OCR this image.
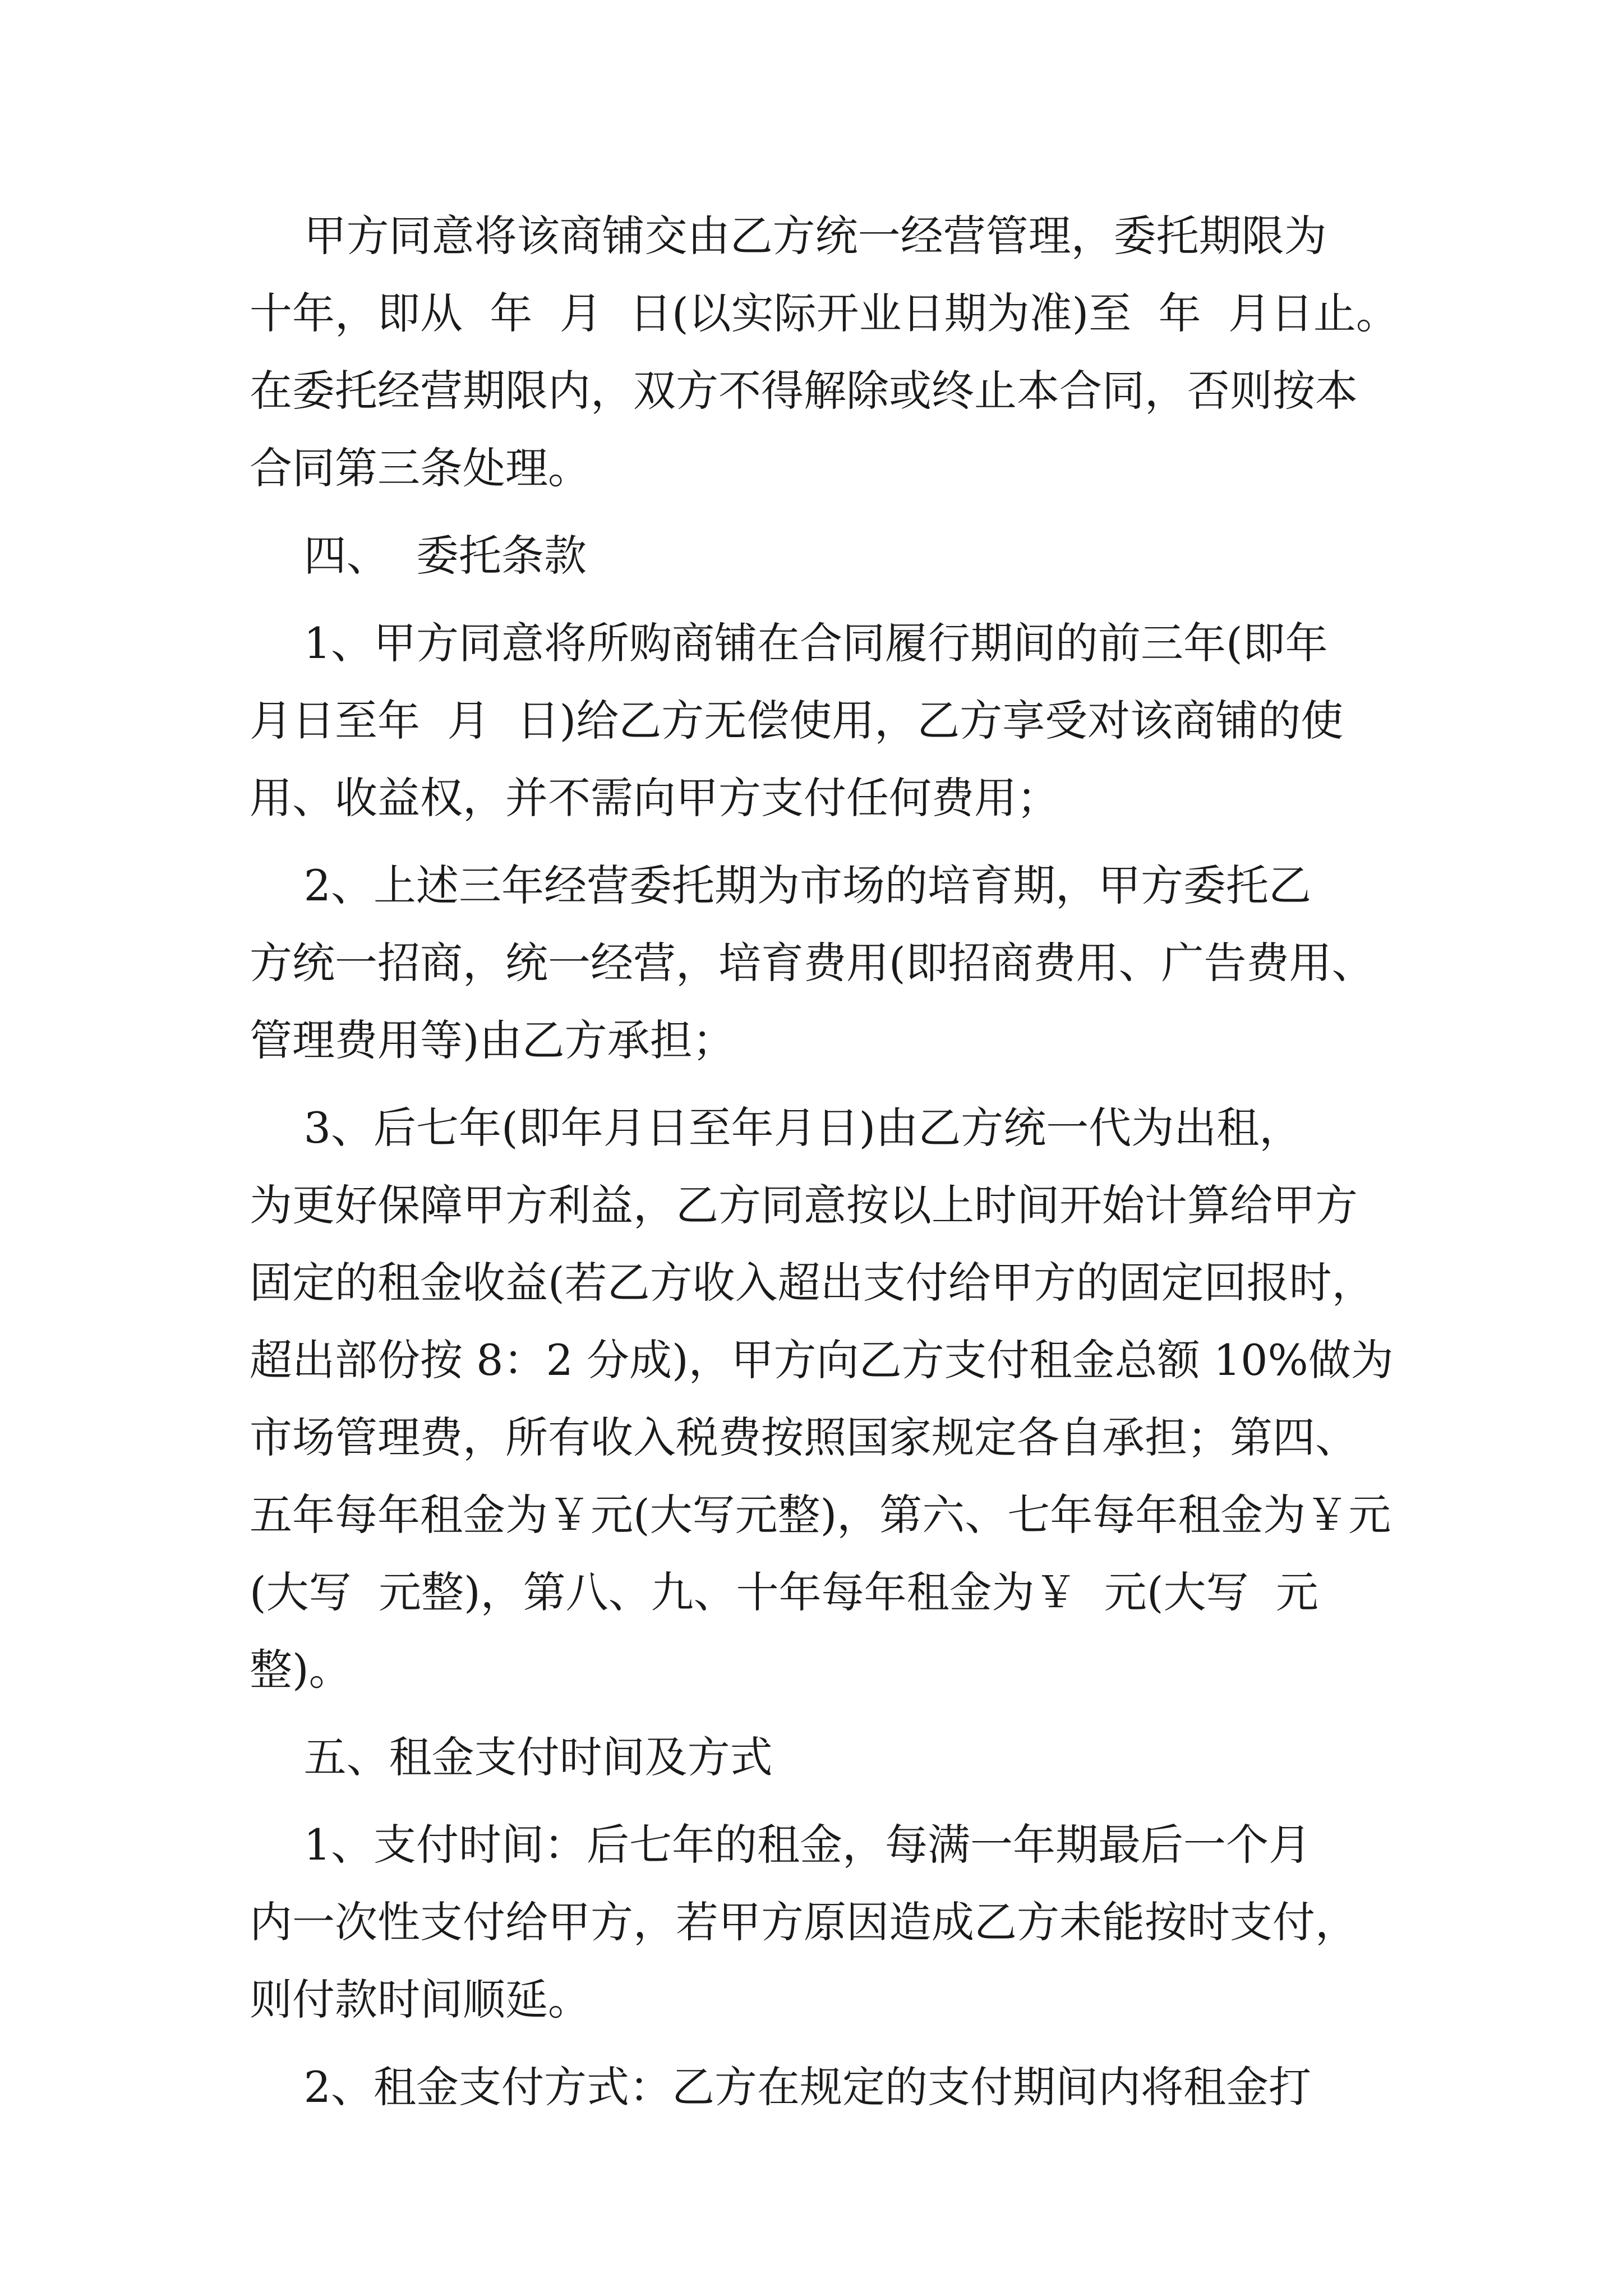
甲方同意将该商铺交由乙方统一经营管理，委托期限为
十年，即从  年  月  日(以实际开业日期为准)至  年  月日止。
在委托经营期限内，双方不得解除或终止本合同，否则按本
合同第三条处理。
四、  委托条款
1、甲方同意将所购商铺在合同履行期间的前三年(即年
月日至年  月  日)给乙方无偿使用，乙方享受对该商铺的使
用、收益权，并不需向甲方支付任何费用；
2、上述三年经营委托期为市场的培育期，甲方委托乙
方统一招商，统一经营，培育费用(即招商费用、广告费用、
管理费用等)由乙方承担；
3、后七年(即年月日至年月日)由乙方统一代为出租，
为更好保障甲方利益，乙方同意按以上时间开始计算给甲方
固定的租金收益(若乙方收入超出支付给甲方的固定回报时，
超出部份按 8：2 分成)，甲方向乙方支付租金总额 10%做为
市场管理费，所有收入税费按照国家规定各自承担；第四、
五年每年租金为￥元(大写元整)，第六、七年每年租金为￥元
(大写  元整)，第八、九、十年每年租金为￥  元(大写  元
整)。
五、租金支付时间及方式
1、支付时间：后七年的租金，每满一年期最后一个月
内一次性支付给甲方，若甲方原因造成乙方未能按时支付，
则付款时间顺延。
2、租金支付方式：乙方在规定的支付期间内将租金打
